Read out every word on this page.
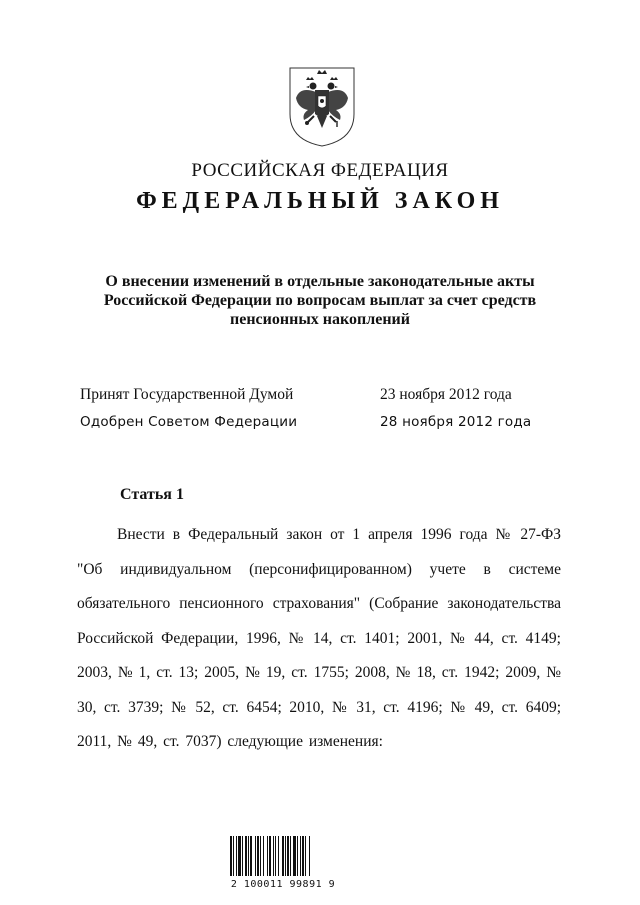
РОССИЙСКАЯ ФЕДЕРАЦИЯ
ФЕДЕРАЛЬНЫЙ ЗАКОН
О внесении изменений в отдельные законодательные акты
Российской Федерации по вопросам выплат за счет средств
пенсионных накоплений
Принят Государственной Думой	23 ноября 2012 года
Одобрен Советом Федерации	28 ноября 2012 года
Статья 1
Внести в Федеральный закон от 1 апреля 1996 года № 27-ФЗ "Об индивидуальном (персонифицированном) учете в системе обязательного пенсионного страхования" (Собрание законодательства Российской Федерации, 1996, № 14, ст. 1401; 2001, № 44, ст. 4149; 2003, № 1, ст. 13; 2005, № 19, ст. 1755; 2008, № 18, ст. 1942; 2009, № 30, ст. 3739; № 52, ст. 6454; 2010, № 31, ст. 4196; № 49, ст. 6409; 2011, № 49, ст. 7037) следующие изменения:
2 100011 99891 9
